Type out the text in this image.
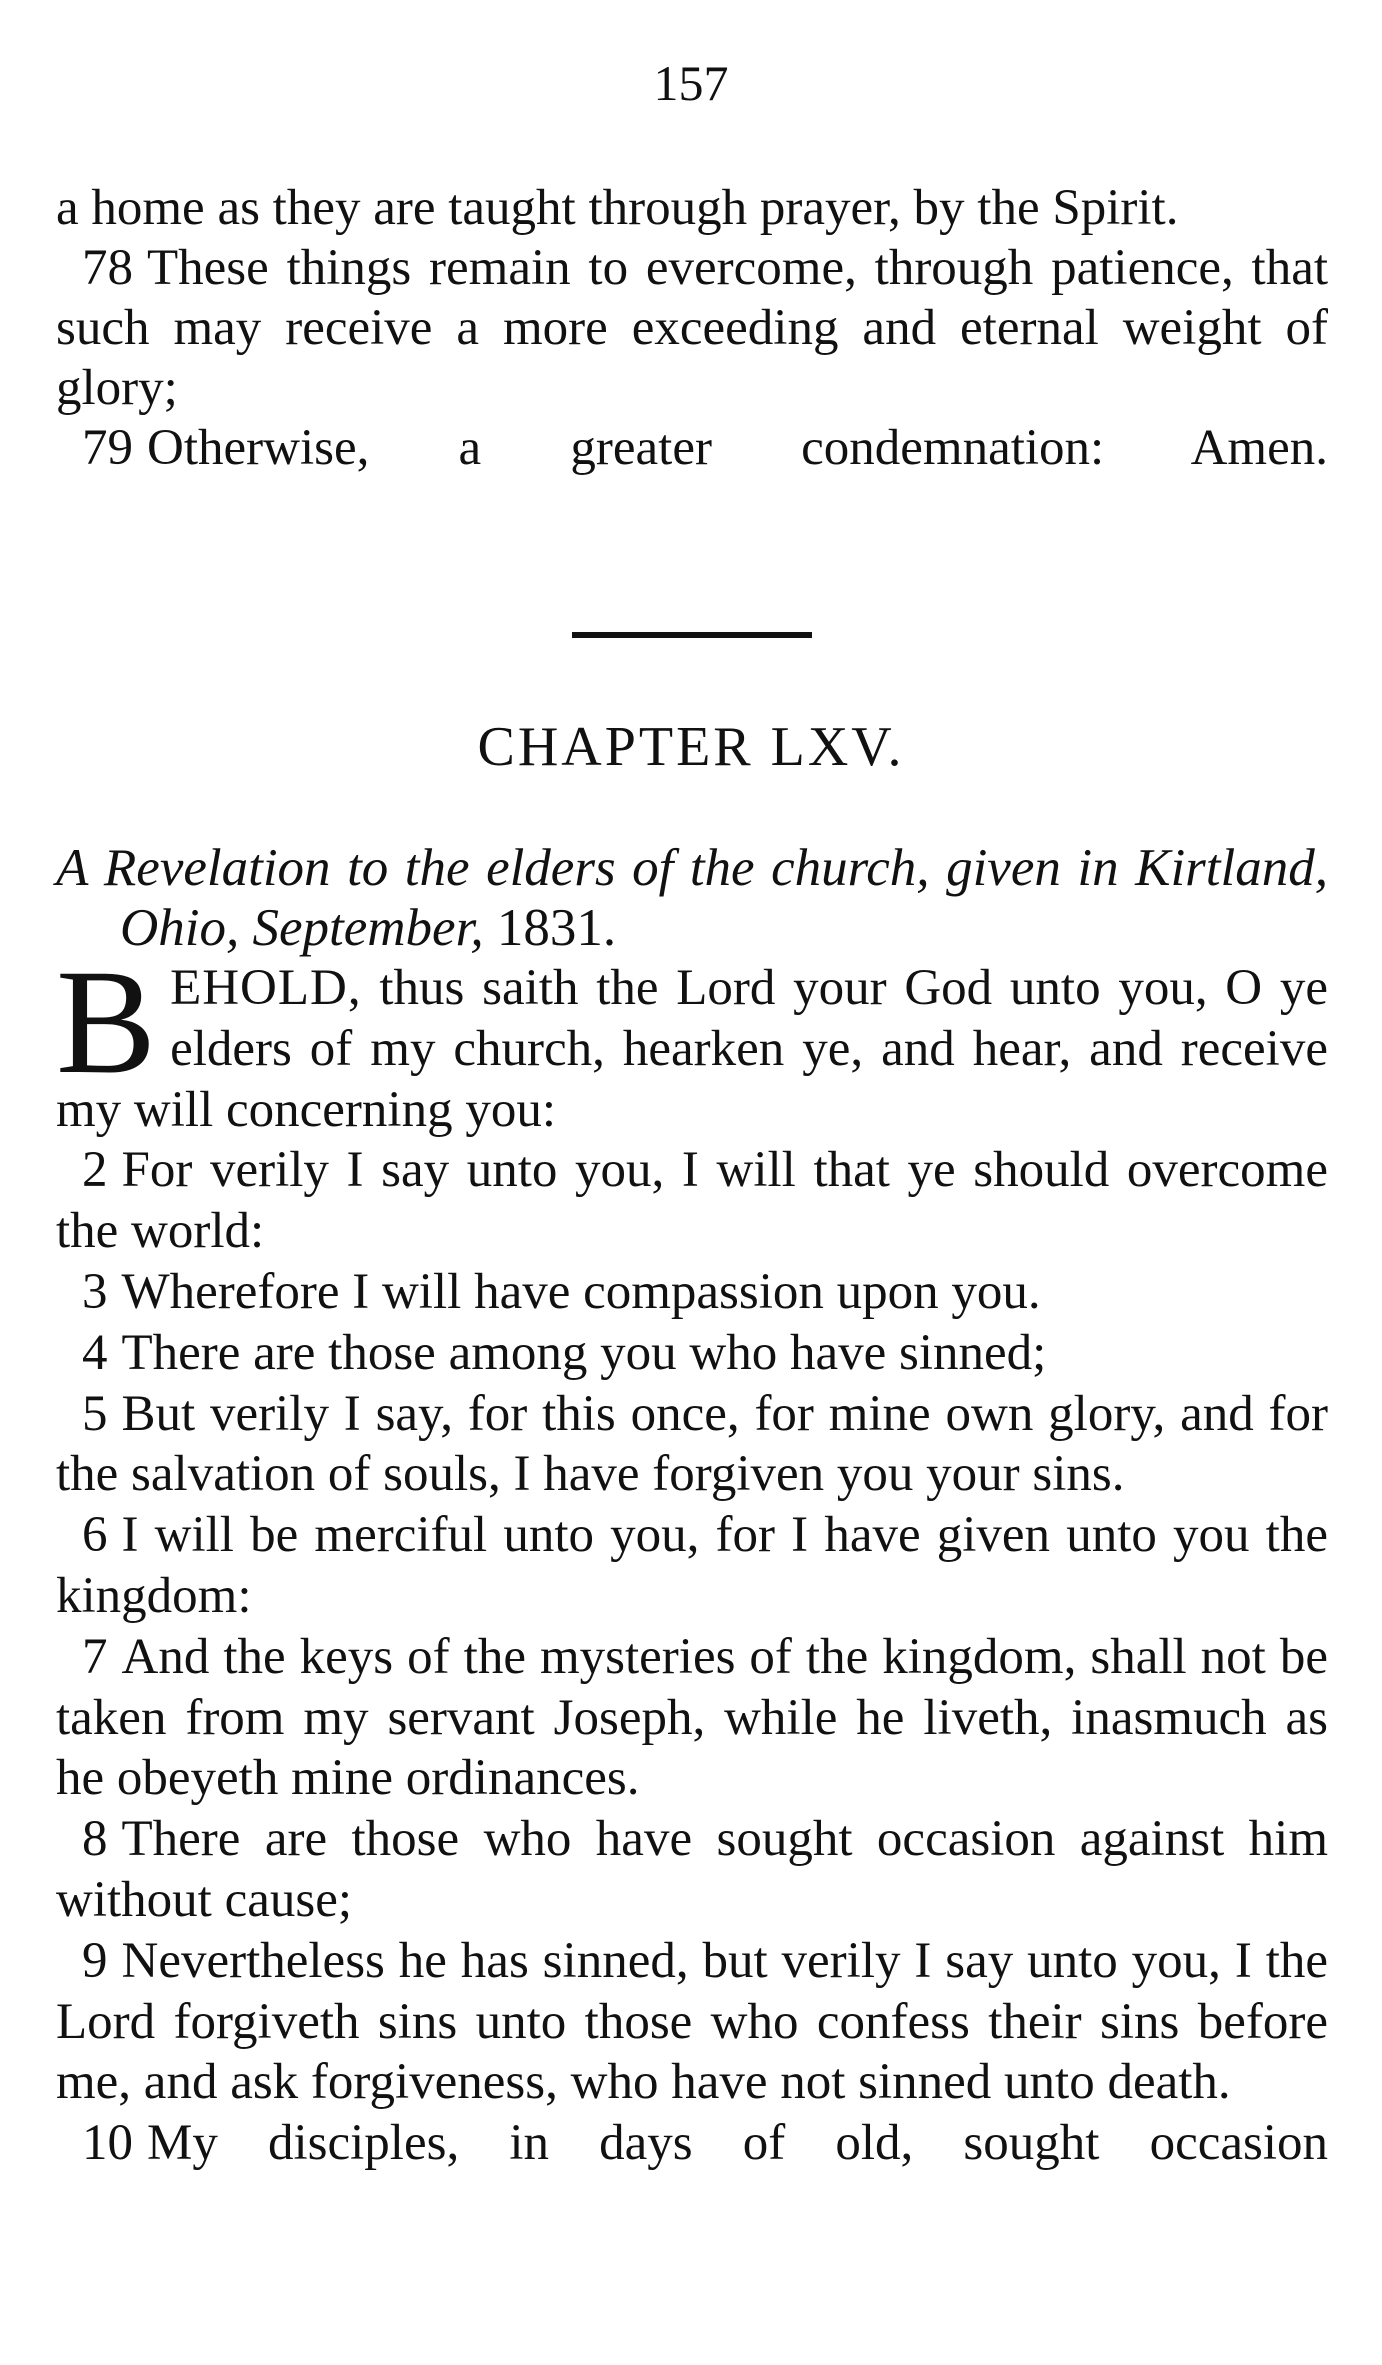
157

a home as they are taught through prayer, by the Spirit.

78 These things remain to evercome, through patience, that such may receive a more exceeding and eternal weight of glory;

79 Otherwise, a greater condemnation: Amen.

CHAPTER LXV.
A Revelation to the elders of the church, given in Kirtland, Ohio, September, 1831.

BEHOLD, thus saith the Lord your God unto you, O ye elders of my church, hearken ye, and hear, and receive my will concerning you:

2 For verily I say unto you, I will that ye should overcome the world:

3 Wherefore I will have compassion upon you.

4 There are those among you who have sinned;

5 But verily I say, for this once, for mine own glory, and for the salvation of souls, I have forgiven you your sins.

6 I will be merciful unto you, for I have given unto you the kingdom:

7 And the keys of the mysteries of the kingdom, shall not be taken from my servant Joseph, while he liveth, inasmuch as he obeyeth mine ordinances.

8 There are those who have sought occasion against him without cause;

9 Nevertheless he has sinned, but verily I say unto you, I the Lord forgiveth sins unto those who confess their sins before me, and ask forgiveness, who have not sinned unto death.

10 My disciples, in days of old, sought occasion
